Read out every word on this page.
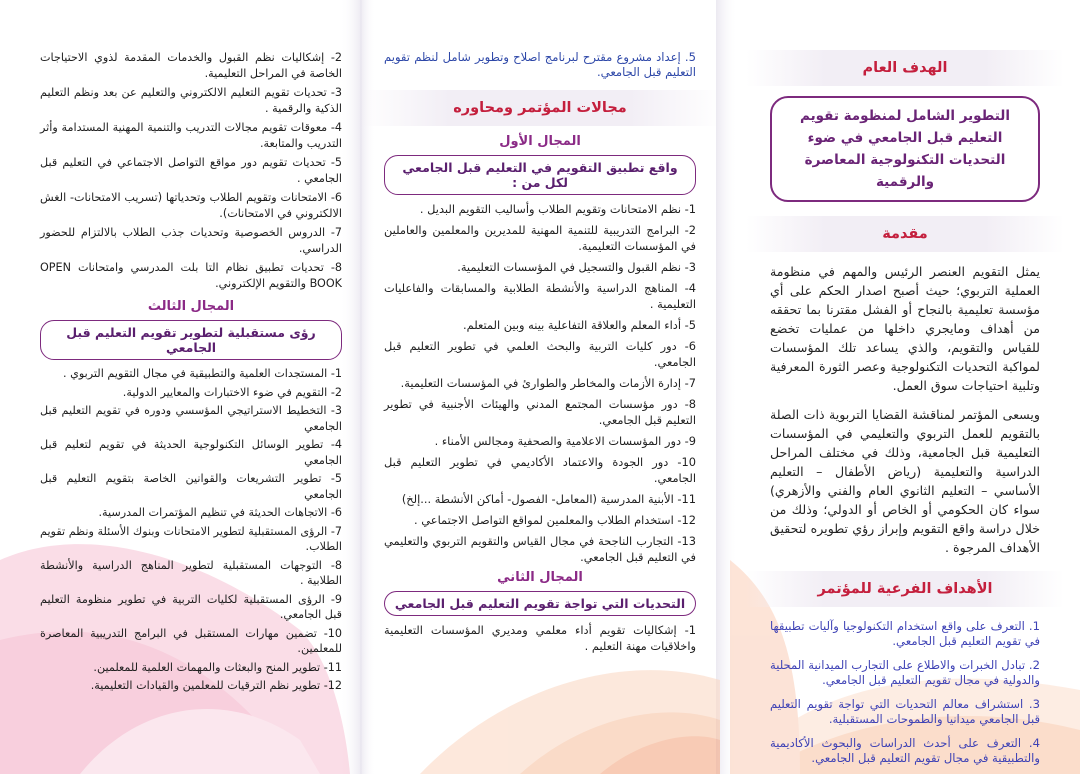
الهدف العام
التطوير الشامل لمنظومة تقويم التعليم قبل الجامعي في ضوء التحديات التكنولوجية المعاصرة والرقمية
مقدمة

يمثل التقويم العنصر الرئيس والمهم في منظومة العملية التربوي؛ حيث أصبح اصدار الحكم على أي مؤسسة تعليمية بالنجاح أو الفشل مقترنا بما تحققه من أهداف ومايجري داخلها من عمليات تخضع للقياس والتقويم، والذي يساعد تلك المؤسسات لمواكبة التحديات التكنولوجية وعصر الثورة المعرفية وتلبية احتياجات سوق العمل.

ويسعى المؤتمر لمناقشة القضايا التربوية ذات الصلة بالتقويم للعمل التربوي والتعليمي في المؤسسات التعليمية قبل الجامعية، وذلك في مختلف المراحل الدراسية والتعليمية (رياض الأطفال – التعليم الأساسي – التعليم الثانوي العام والفني والأزهري) سواء كان الحكومي أو الخاص أو الدولي؛ وذلك من خلال دراسة واقع التقويم وإبراز رؤي تطويره لتحقيق الأهداف المرجوة .

الأهداف الفرعية للمؤتمر
1. التعرف على واقع استخدام التكنولوجيا وآليات تطبيقها في تقويم التعليم قبل الجامعي.
2. تبادل الخبرات والاطلاع على التجارب الميدانية المحلية والدولية في مجال تقويم التعليم قبل الجامعي.
3. استشراف معالم التحديات التي تواجة تقويم التعليم قبل الجامعي ميدانيا والطموحات المستقبلية.
4. التعرف على أحدث الدراسات والبحوث الأكاديمية والتطبيقية في مجال تقويم التعليم قبل الجامعي.

5. إعداد مشروع مقترح لبرنامج اصلاح وتطوير شامل لنظم تقويم التعليم قبل الجامعي.

مجالات المؤتمر ومحاوره
المجال الأول
واقع تطبيق التقويم في التعليم قبل الجامعي لكل من :
1- نظم الامتحانات وتقويم الطلاب وأساليب التقويم البديل .
2- البرامج التدريبية للتنمية المهنية للمديرين والمعلمين والعاملين في المؤسسات التعليمية.
3- نظم القبول والتسجيل في المؤسسات التعليمية.
4- المناهج الدراسية والأنشطة الطلابية والمسابقات والفاعليات التعليمية .
5- أداء المعلم والعلاقة التفاعلية بينه وبين المتعلم.
6- دور كليات التربية والبحث العلمي في تطوير التعليم قبل الجامعي.
7- إدارة الأزمات والمخاطر والطوارئ في المؤسسات التعليمية.
8- دور مؤسسات المجتمع المدني والهيئات الأجنبية في تطوير التعليم قبل الجامعي.
9- دور المؤسسات الاعلامية والصحفية ومجالس الأمناء .
10- دور الجودة والاعتماد الأكاديمي في تطوير التعليم قبل الجامعي.
11- الأبنية المدرسية (المعامل- الفصول- أماكن الأنشطة ...إلخ)
12- استخدام الطلاب والمعلمين لمواقع التواصل الاجتماعي .
13- التجارب الناجحة في مجال القياس والتقويم التربوي والتعليمي في التعليم قبل الجامعي.
المجال الثاني
التحديات التي تواجة تقويم التعليم قبل الجامعي
1- إشكاليات تقويم أداء معلمي ومديري المؤسسات التعليمية واخلاقيات مهنة التعليم .
2- إشكاليات نظم القبول والخدمات المقدمة لذوي الاحتياجات الخاصة في المراحل التعليمية.
3- تحديات تقويم التعليم الالكتروني والتعليم عن بعد ونظم التعليم الذكية والرقمية .
4- معوقات تقويم مجالات التدريب والتنمية المهنية المستدامة وأثر التدريب والمتابعة.
5- تحديات تقويم دور مواقع التواصل الاجتماعي في التعليم قبل الجامعي .
6- الامتحانات وتقويم الطلاب وتحدياتها (تسريب الامتحانات- الغش الالكتروني في الامتحانات).
7- الدروس الخصوصية وتحديات جذب الطلاب بالالتزام للحضور الدراسي.
8- تحديات تطبيق نظام التا بلت المدرسي وامتحانات OPEN BOOK والتقويم الإلكتروني.
المجال الثالث
رؤى مستقبلية لتطوير تقويم التعليم قبل الجامعي
1- المستجدات العلمية والتطبيقية في مجال التقويم التربوي .
2- التقويم في ضوء الاختبارات والمعايير الدولية.
3- التخطيط الاستراتيجي المؤسسي ودوره في تقويم التعليم قبل الجامعي
4- تطوير الوسائل التكنولوجية الحديثة في تقويم لتعليم قبل الجامعي
5- تطوير التشريعات والقوانين الخاصة بتقويم التعليم قبل الجامعي
6- الاتجاهات الحديثة في تنظيم المؤتمرات المدرسية.
7- الرؤى المستقبلية لتطوير الامتحانات وبنوك الأسئلة ونظم تقويم الطلاب.
8- التوجهات المستقبلية لتطوير المناهج الدراسية والأنشطة الطلابية .
9- الرؤى المستقبلية لكليات التربية في تطوير منظومة التعليم قبل الجامعي.
10- تضمين مهارات المستقبل في البرامج التدريبية المعاصرة للمعلمين.
11- تطوير المنح والبعثات والمهمات العلمية للمعلمين.
12- تطوير نظم الترقيات للمعلمين والقيادات التعليمية.
